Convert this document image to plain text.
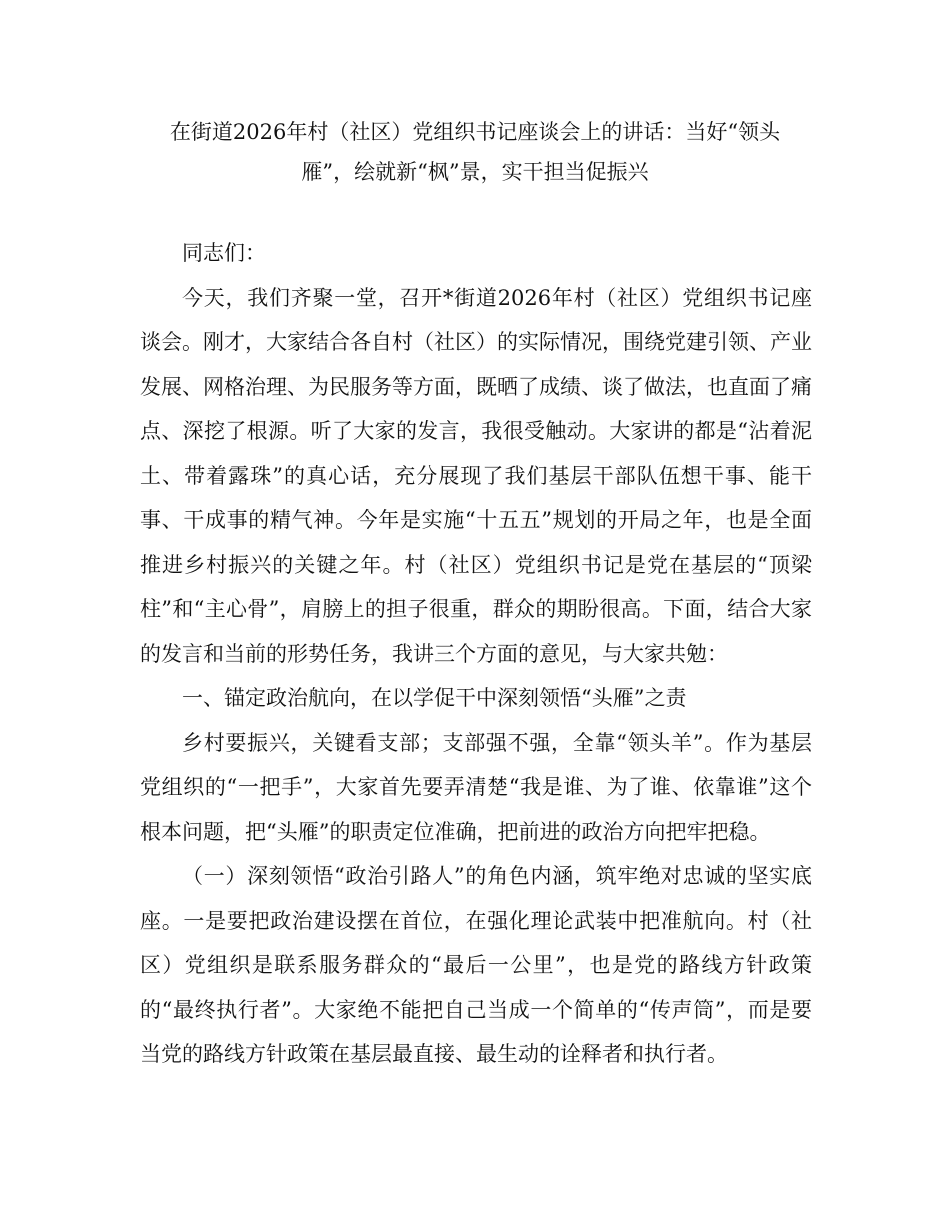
在街道2026年村（社区）党组织书记座谈会上的讲话：当好“领头
雁”，绘就新“枫”景，实干担当促振兴

同志们：

今天，我们齐聚一堂，召开*街道2026年村（社区）党组织书记座谈会。刚才，大家结合各自村（社区）的实际情况，围绕党建引领、产业发展、网格治理、为民服务等方面，既晒了成绩、谈了做法，也直面了痛点、深挖了根源。听了大家的发言，我很受触动。大家讲的都是“沾着泥土、带着露珠”的真心话，充分展现了我们基层干部队伍想干事、能干事、干成事的精气神。今年是实施“十五五”规划的开局之年，也是全面推进乡村振兴的关键之年。村（社区）党组织书记是党在基层的“顶梁柱”和“主心骨”，肩膀上的担子很重，群众的期盼很高。下面，结合大家的发言和当前的形势任务，我讲三个方面的意见，与大家共勉：

一、锚定政治航向，在以学促干中深刻领悟“头雁”之责

乡村要振兴，关键看支部；支部强不强，全靠“领头羊”。作为基层党组织的“一把手”，大家首先要弄清楚“我是谁、为了谁、依靠谁”这个根本问题，把“头雁”的职责定位准确，把前进的政治方向把牢把稳。

（一）深刻领悟“政治引路人”的角色内涵，筑牢绝对忠诚的坚实底座。一是要把政治建设摆在首位，在强化理论武装中把准航向。村（社区）党组织是联系服务群众的“最后一公里”，也是党的路线方针政策的“最终执行者”。大家绝不能把自己当成一个简单的“传声筒”，而是要当党的路线方针政策在基层最直接、最生动的诠释者和执行者。
